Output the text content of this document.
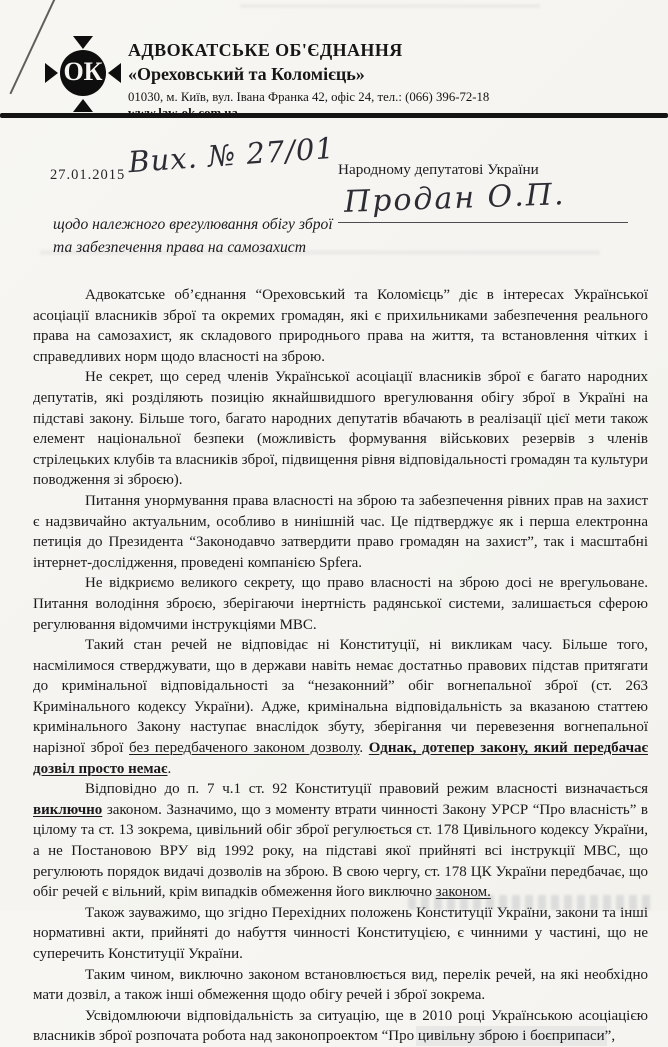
ОК
АДВОКАТСЬКЕ ОБ'ЄДНАННЯ
«Ореховський та Коломієць»
01030, м. Київ, вул. Івана Франка 42, офіс 24, тел.: (066) 396-72-18
27.01.2015 Вих. № 27/01 Народному депутатові України
Продан О.П.
щодо належного врегулювання обігу зброї
та забезпечення права на самозахист

Адвокатське об’єднання “Ореховський та Коломієць” діє в інтересах Української асоціації власників зброї та окремих громадян, які є прихильниками забезпечення реального права на самозахист, як складового природнього права на життя, та встановлення чітких і справедливих норм щодо власності на зброю.

Не секрет, що серед членів Української асоціації власників зброї є багато народних депутатів, які розділяють позицію якнайшвидшого врегулювання обігу зброї в Україні на підставі закону. Більше того, багато народних депутатів вбачають в реалізації цієї мети також елемент національної безпеки (можливість формування військових резервів з членів стрілецьких клубів та власників зброї, підвищення рівня відповідальності громадян та культури поводження зі зброєю).

Питання унормування права власності на зброю та забезпечення рівних прав на захист є надзвичайно актуальним, особливо в нинішній час. Це підтверджує як і перша електронна петиція до Президента “Законодавчо затвердити право громадян на захист”, так і масштабні інтернет-дослідження, проведені компанією Spfera.

Не відкриємо великого секрету, що право власності на зброю досі не врегульоване. Питання володіння зброєю, зберігаючи інертність радянської системи, залишається сферою регулювання відомчими інструкціями МВС.

Такий стан речей не відповідає ні Конституції, ні викликам часу. Більше того, насмілимося стверджувати, що в держави навіть немає достатньо правових підстав притягати до кримінальної відповідальності за “незаконний” обіг вогнепальної зброї (ст. 263 Кримінального кодексу України). Адже, кримінальна відповідальність за вказаною статтею кримінального Закону наступає внаслідок збуту, зберігання чи перевезення вогнепальної нарізної зброї без передбаченого законом дозволу. Однак, дотепер закону, який передбачає дозвіл просто немає.

Відповідно до п. 7 ч.1 ст. 92 Конституції правовий режим власності визначається виключно законом. Зазначимо, що з моменту втрати чинності Закону УРСР “Про власність” в цілому та ст. 13 зокрема, цивільний обіг зброї регулюється ст. 178 Цивільного кодексу України, а не Постановою ВРУ від 1992 року, на підставі якої прийняті всі інструкції МВС, що регулюють порядок видачі дозволів на зброю. В свою чергу, ст. 178 ЦК України передбачає, що обіг речей є вільний, крім випадків обмеження його виключно законом.

Також зауважимо, що згідно Перехідних положень Конституції України, закони та інші нормативні акти, прийняті до набуття чинності Конституцією, є чинними у частині, що не суперечить Конституції України.

Таким чином, виключно законом встановлюється вид, перелік речей, на які необхідно мати дозвіл, а також інші обмеження щодо обігу речей і зброї зокрема.

Усвідомлюючи відповідальність за ситуацію, ще в 2010 році Українською асоціацією власників зброї розпочата робота над законопроектом “Про цивільну зброю і боєприпаси”,
